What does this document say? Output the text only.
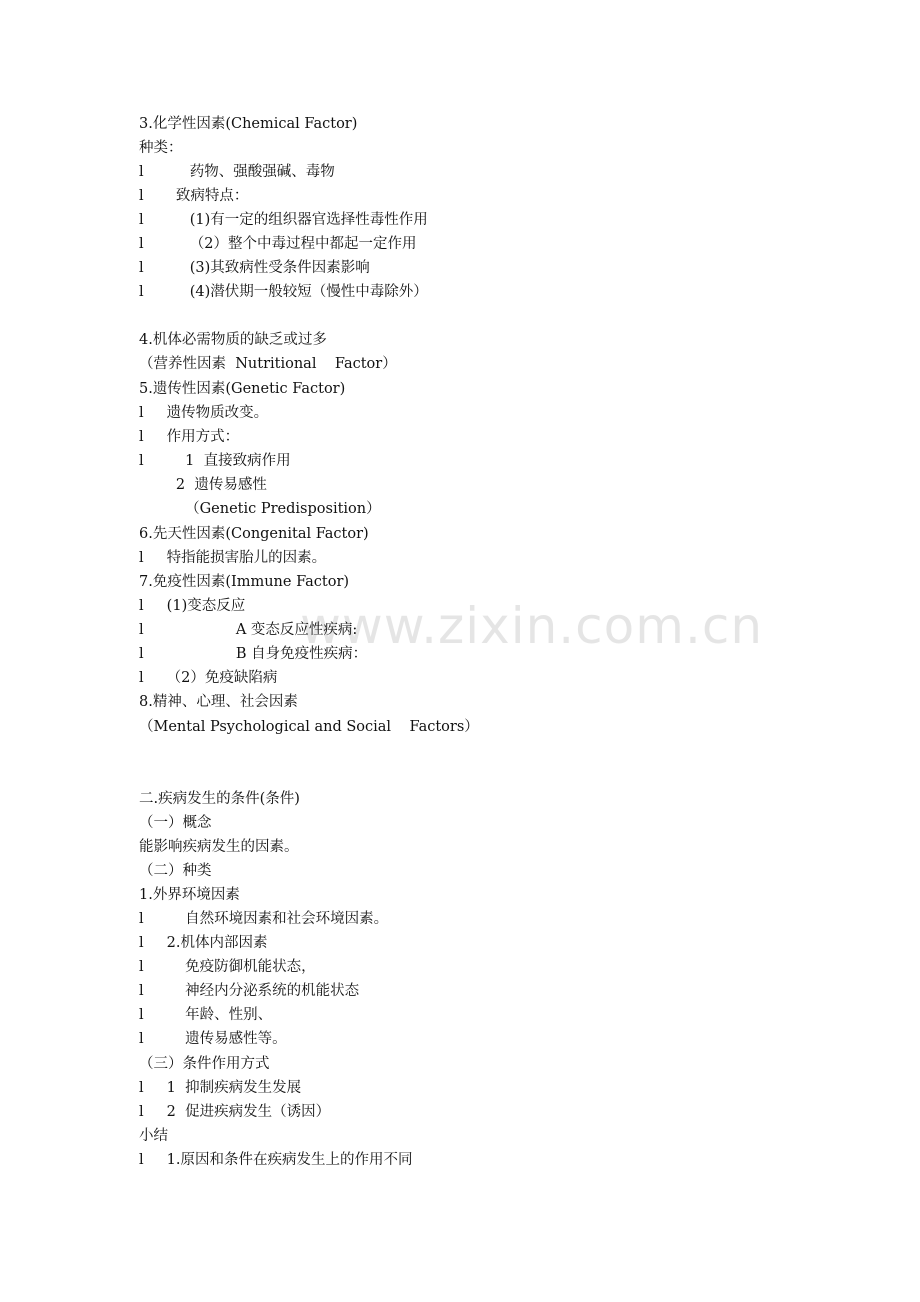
3.化学性因素(Chemical Factor)
种类：
l          药物、强酸强碱、毒物
l       致病特点：
l          (1)有一定的组织器官选择性毒性作用
l          （2）整个中毒过程中都起一定作用
l          (3)其致病性受条件因素影响
l          (4)潜伏期一般较短（慢性中毒除外）
4.机体必需物质的缺乏或过多
（营养性因素  Nutritional    Factor）
5.遗传性因素(Genetic Factor)
l     遗传物质改变。
l     作用方式：
l         1  直接致病作用
2  遗传易感性
（Genetic Predisposition）
6.先天性因素(Congenital Factor)
l     特指能损害胎儿的因素。
7.免疫性因素(Immune Factor)
l     (1)变态反应
l                    A 变态反应性疾病:
l                    B 自身免疫性疾病：
l     （2）免疫缺陷病
8.精神、心理、社会因素
（Mental Psychological and Social    Factors）
二.疾病发生的条件(条件)
（一）概念
能影响疾病发生的因素。
（二）种类
1.外界环境因素
l         自然环境因素和社会环境因素。
l     2.机体内部因素
l         免疫防御机能状态，
l         神经内分泌系统的机能状态
l         年龄、性别、
l         遗传易感性等。
（三）条件作用方式
l     1  抑制疾病发生发展
l     2  促进疾病发生（诱因）
小结
l     1.原因和条件在疾病发生上的作用不同
www.zixin.com.cn
